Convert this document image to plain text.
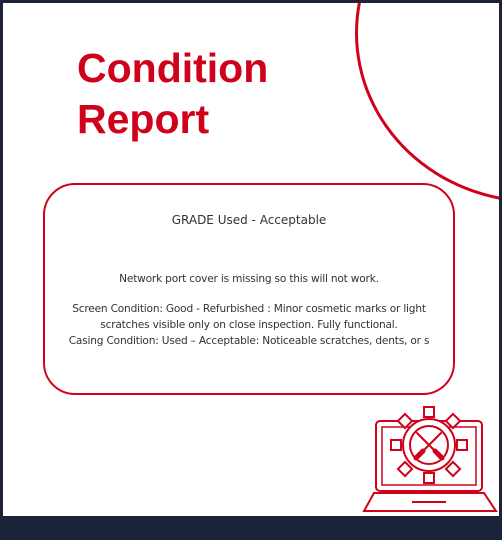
Condition
Report
GRADE Used - Acceptable

Network port cover is missing so this will not work.

Screen Condition: Good - Refurbished : Minor cosmetic marks or light scratches visible only on close inspection. Fully functional.

Casing Condition: Used – Acceptable: Noticeable scratches, dents, or s
